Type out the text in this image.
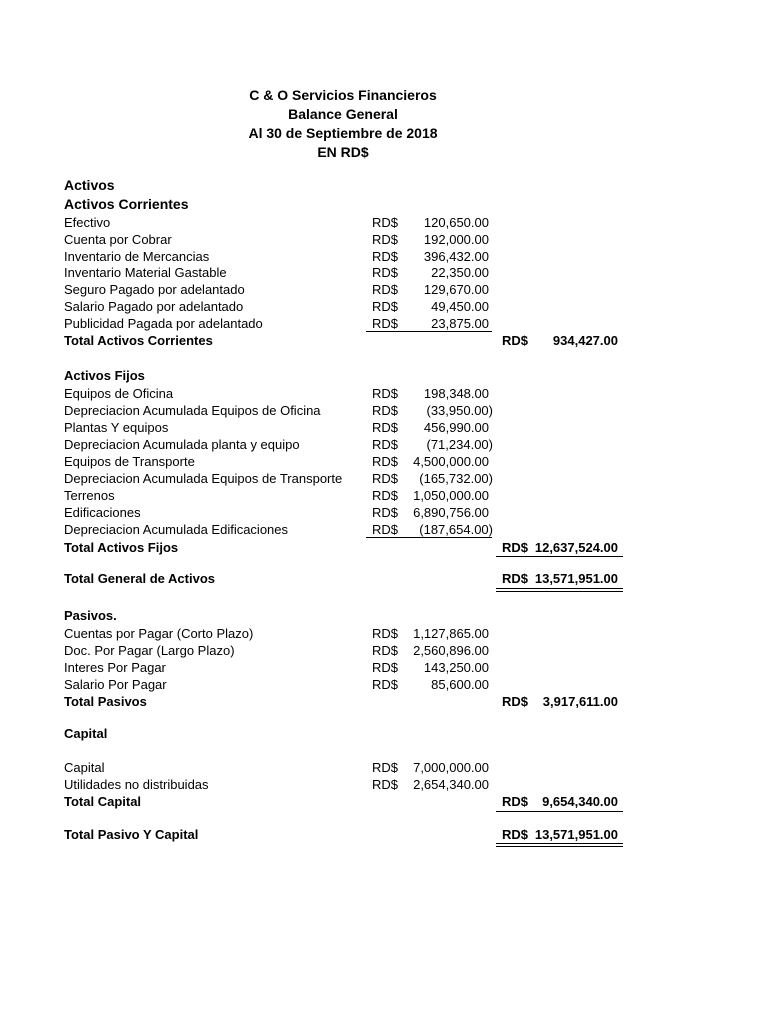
C & O Servicios Financieros
Balance General
Al 30 de Septiembre de 2018
EN RD$
Activos
Activos Corrientes
Efectivo	RD$ 120,650.00
Cuenta por Cobrar	RD$ 192,000.00
Inventario de Mercancias	RD$ 396,432.00
Inventario Material Gastable	RD$	22,350.00
Seguro Pagado por adelantado	RD$ 129,670.00
Salario Pagado por adelantado	RD$	49,450.00
Publicidad Pagada por adelantado	RD$	23,875.00
Total Activos Corrientes	RD$ 934,427.00
Activos Fijos
Equipos de Oficina	RD$ 198,348.00
Depreciacion Acumulada Equipos de Oficina	RD$ (33,950.00)
Plantas Y equipos	RD$ 456,990.00
Depreciacion Acumulada planta y equipo	RD$ (71,234.00)
Equipos de Transporte	RD$ 4,500,000.00
Depreciacion Acumulada Equipos de Transporte RD$ (165,732.00)
Terrenos	RD$ 1,050,000.00
Edificaciones	RD$ 6,890,756.00
Depreciacion Acumulada Edificaciones	RD$ (187,654.00)
Total Activos Fijos	RD$ 12,637,524.00
Total General de Activos	RD$ 13,571,951.00
Pasivos.
Cuentas por Pagar (Corto Plazo)	RD$ 1,127,865.00
Doc. Por Pagar (Largo Plazo)	RD$ 2,560,896.00
Interes Por Pagar	RD$ 143,250.00
Salario Por Pagar	RD$	85,600.00
Total Pasivos	RD$ 3,917,611.00
Capital
Capital	RD$ 7,000,000.00
Utilidades no distribuidas	RD$ 2,654,340.00
Total Capital	RD$ 9,654,340.00
Total Pasivo Y Capital	RD$ 13,571,951.00
